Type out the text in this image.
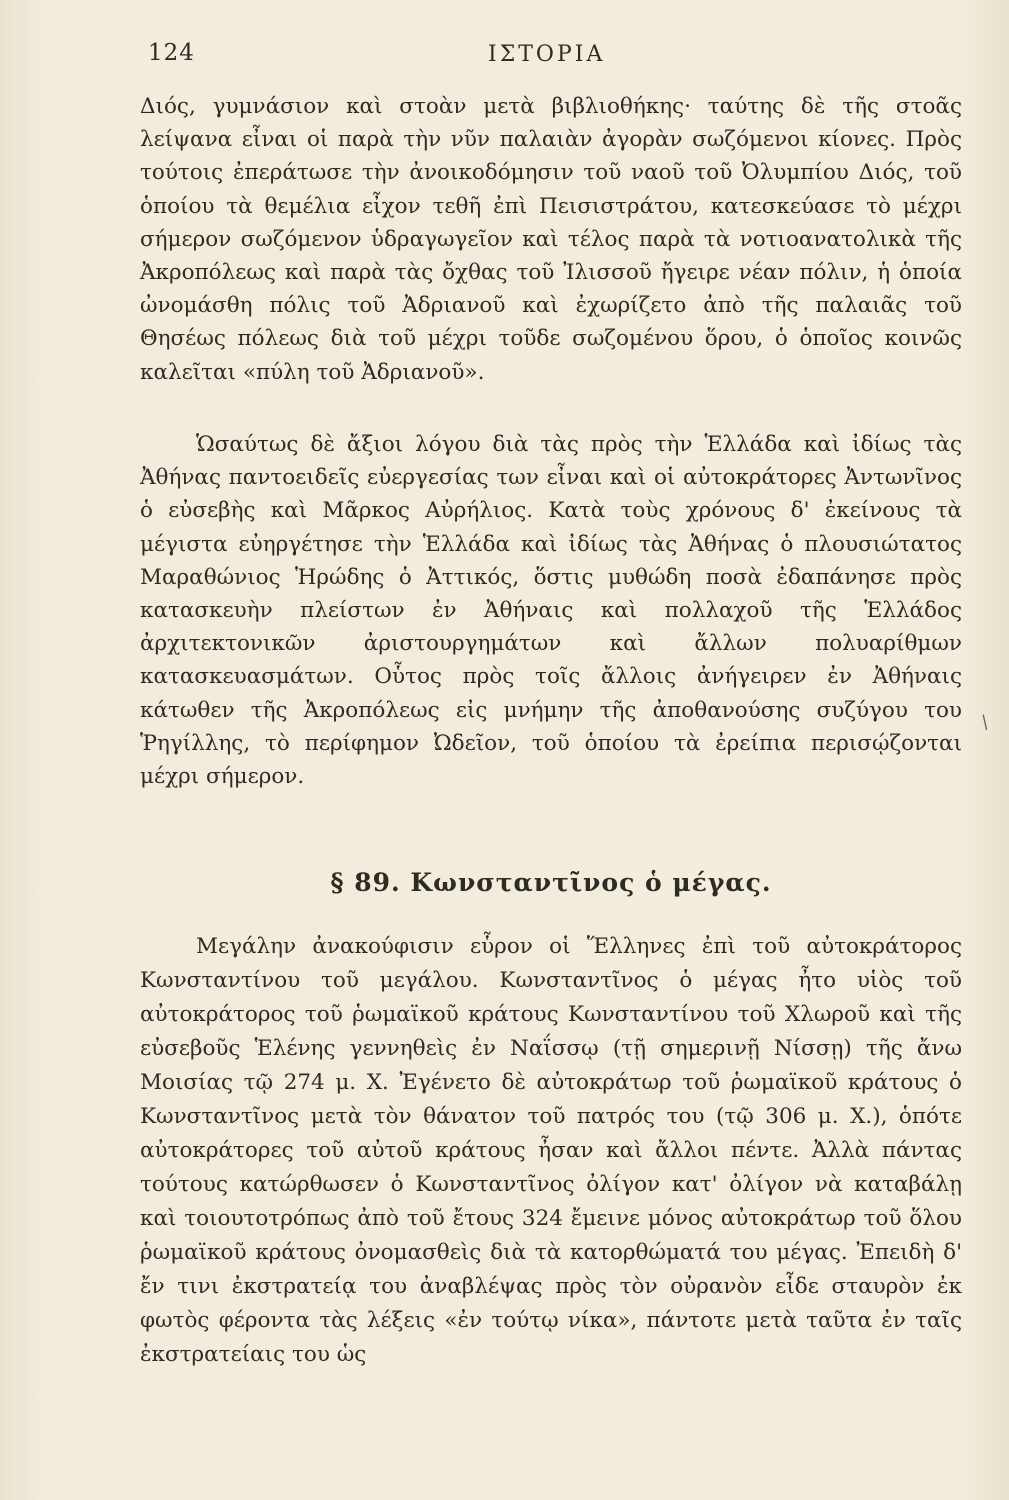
124	ΙΣΤΟΡΙΑ

Διός, γυμνάσιον καὶ στοὰν μετὰ βιβλιοθήκης· ταύτης δὲ τῆς στοᾶς λείψανα εἶναι οἱ παρὰ τὴν νῦν παλαιὰν ἀγορὰν σωζόμενοι κίονες. Πρὸς τούτοις ἐπεράτωσε τὴν ἀνοικοδόμησιν τοῦ ναοῦ τοῦ Ὀλυμπίου Διός, τοῦ ὁποίου τὰ θεμέλια εἶχον τεθῆ ἐπὶ Πεισιστράτου, κατεσκεύασε τὸ μέχρι σήμερον σωζόμενον ὑδραγωγεῖον καὶ τέλος παρὰ τὰ νοτιοανατολικὰ τῆς Ἀκροπόλεως καὶ παρὰ τὰς ὄχθας τοῦ Ἰλισσοῦ ἤγειρε νέαν πόλιν, ἡ ὁποία ὠνομάσθη πόλις τοῦ Ἀδριανοῦ καὶ ἐχωρίζετο ἀπὸ τῆς παλαιᾶς τοῦ Θησέως πόλεως διὰ τοῦ μέχρι τοῦδε σωζομένου ὅρου, ὁ ὁποῖος κοινῶς καλεῖται «πύλη τοῦ Ἀδριανοῦ».

Ὡσαύτως δὲ ἄξιοι λόγου διὰ τὰς πρὸς τὴν Ἑλλάδα καὶ ἰδίως τὰς Ἀθήνας παντοειδεῖς εὐεργεσίας των εἶναι καὶ οἱ αὐτοκράτορες Ἀντωνῖνος ὁ εὐσεβὴς καὶ Μᾶρκος Αὐρήλιος. Κατὰ τοὺς χρόνους δ' ἐκείνους τὰ μέγιστα εὐηργέτησε τὴν Ἑλλάδα καὶ ἰδίως τὰς Ἀθήνας ὁ πλουσιώτατος Μαραθώνιος Ἡρώδης ὁ Ἀττικός, ὅστις μυθώδη ποσὰ ἐδαπάνησε πρὸς κατασκευὴν πλείστων ἐν Ἀθήναις καὶ πολλαχοῦ τῆς Ἑλλάδος ἀρχιτεκτονικῶν ἀριστουργημάτων καὶ ἄλλων πολυαρίθμων κατασκευασμάτων. Οὗτος πρὸς τοῖς ἄλλοις ἀνήγειρεν ἐν Ἀθήναις κάτωθεν τῆς Ἀκροπόλεως εἰς μνήμην τῆς ἀποθανούσης συζύγου του Ῥηγίλλης, τὸ περίφημον Ὠδεῖον, τοῦ ὁποίου τὰ ἐρείπια περισῴζονται μέχρι σήμερον.

§ 89. Κωνσταντῖνος ὁ μέγας.

Μεγάλην ἀνακούφισιν εὗρον οἱ Ἕλληνες ἐπὶ τοῦ αὐτοκράτορος Κωνσταντίνου τοῦ μεγάλου. Κωνσταντῖνος ὁ μέγας ἦτο υἱὸς τοῦ αὐτοκράτορος τοῦ ῥωμαϊκοῦ κράτους Κωνσταντίνου τοῦ Χλωροῦ καὶ τῆς εὐσεβοῦς Ἑλένης γεννηθεὶς ἐν Ναΐσσῳ (τῇ σημερινῇ Νίσσῃ) τῆς ἄνω Μοισίας τῷ 274 μ. Χ. Ἐγένετο δὲ αὐτοκράτωρ τοῦ ῥωμαϊκοῦ κράτους ὁ Κωνσταντῖνος μετὰ τὸν θάνατον τοῦ πατρός του (τῷ 306 μ. Χ.), ὁπότε αὐτοκράτορες τοῦ αὐτοῦ κράτους ἦσαν καὶ ἄλλοι πέντε. Ἀλλὰ πάντας τούτους κατώρθωσεν ὁ Κωνσταντῖνος ὀλίγον κατ' ὀλίγον νὰ καταβάλῃ καὶ τοιουτοτρόπως ἀπὸ τοῦ ἔτους 324 ἔμεινε μόνος αὐτοκράτωρ τοῦ ὅλου ῥωμαϊκοῦ κράτους ὀνομασθεὶς διὰ τὰ κατορθώματά του μέγας. Ἐπειδὴ δ' ἔν τινι ἐκστρατείᾳ του ἀναβλέψας πρὸς τὸν οὐρανὸν εἶδε σταυρὸν ἐκ φωτὸς φέροντα τὰς λέξεις «ἐν τούτῳ νίκα», πάντοτε μετὰ ταῦτα ἐν ταῖς ἐκστρατείαις του ὡς

/
